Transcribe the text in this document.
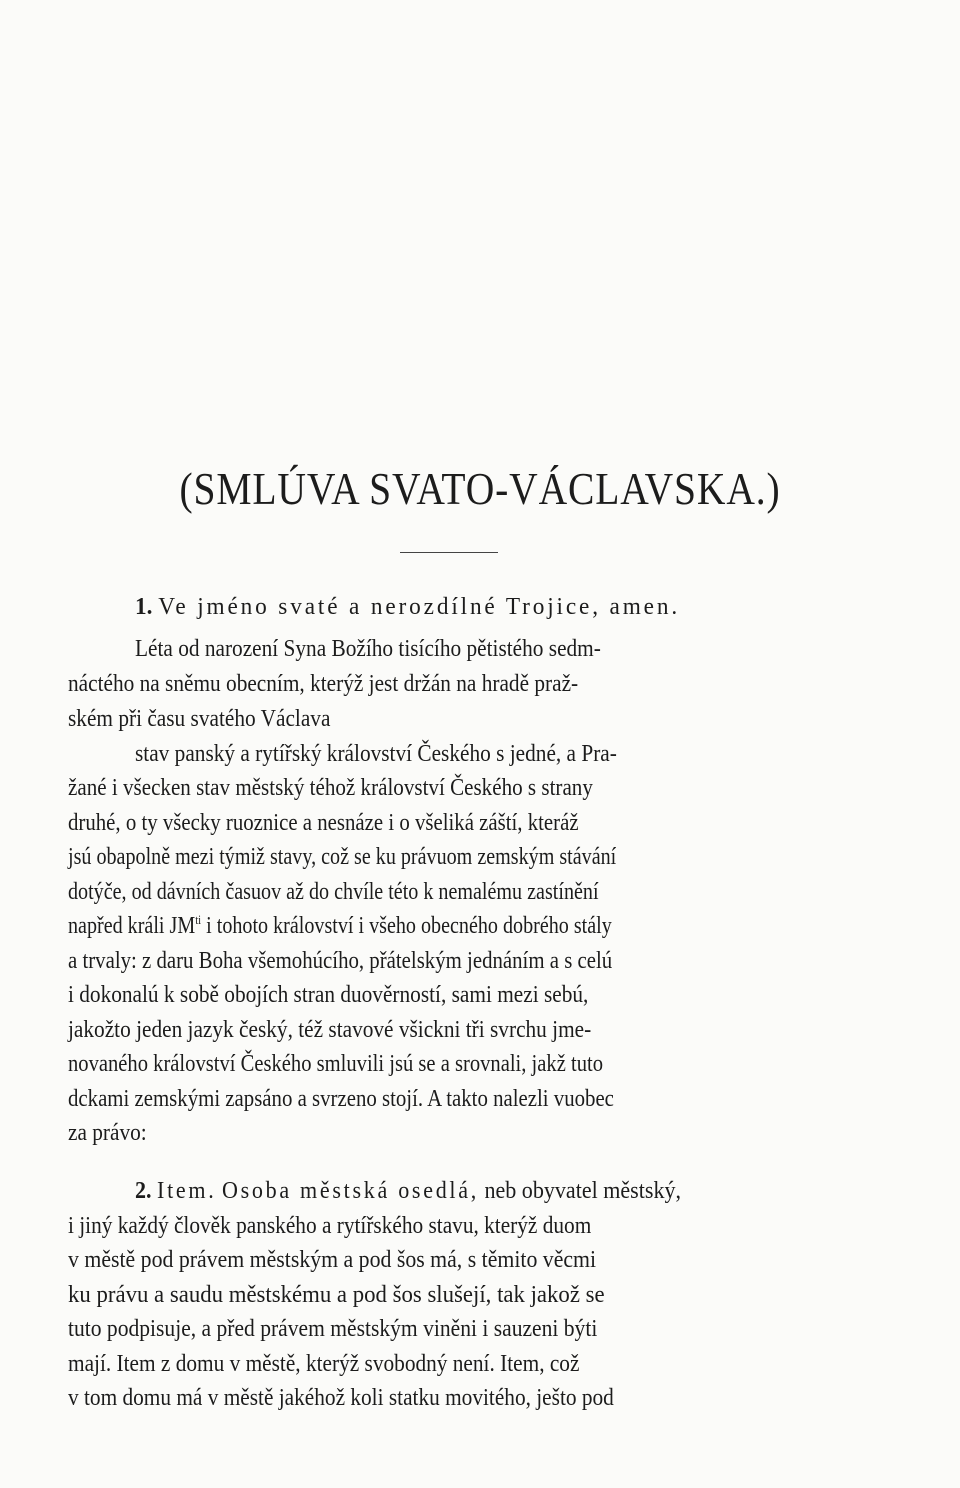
(SMLÚVA SVATO-VÁCLAVSKA.)
1. Ve jméno svaté a nerozdílné Trojice, amen.
Léta od narození Syna Božího tisícího pětistého sedm-
náctého na sněmu obecním, kterýž jest držán na hradě praž-
ském při času svatého Václava
stav panský a rytířský království Českého s jedné, a Pra-
žané i všecken stav městský téhož království Českého s strany
druhé, o ty všecky ruoznice a nesnáze i o všeliká záští, kteráž
jsú obapolně mezi týmiž stavy, což se ku právuom zemským stávání
dotýče, od dávních časuov až do chvíle této k nemalému zastínění
napřed králi $JM^{ti}$ i tohoto království i všeho obecného dobrého stály
a trvaly: z daru Boha všemohúcího, přátelským jednáním a s celú
i dokonalú k sobě obojích stran duověrností, sami mezi sebú,
jakožto jeden jazyk český, též stavové všickni tři svrchu jme-
novaného království Českého smluvili jsú se a srovnali, jakž tuto
dckami zemskými zapsáno a svrzeno stojí. A takto nalezli vuobec
za právo:
2. Item. Osoba městská osedlá, neb obyvatel městský,
i jiný každý člověk panského a rytířského stavu, kterýž duom
v městě pod právem městským a pod šos má, s těmito věcmi
ku právu a saudu městskému a pod šos slušejí, tak jakož se
tuto podpisuje, a před právem městským viněni i sauzeni býti
mají. Item z domu v městě, kterýž svobodný není. Item, což
v tom domu má v městě jakéhož koli statku movitého, ješto pod
